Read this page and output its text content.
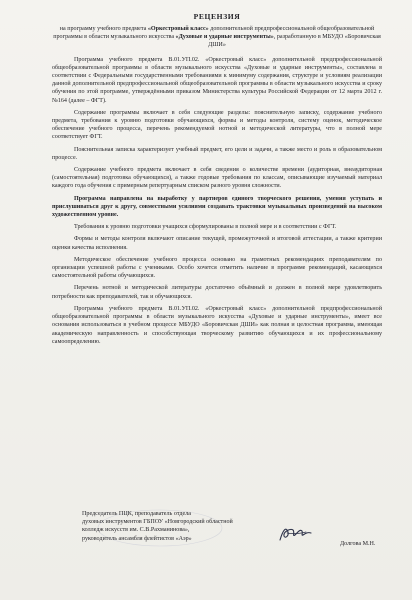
РЕЦЕНЗИЯ
на программу учебного предмета «Оркестровый класс» дополнительной предпрофессиональной общеобразовательной программы в области музыкального искусства «Духовые и ударные инструменты», разработанную в МБУДО «Боровичская ДШИ»

Программа учебного предмета В.01.УП.02. «Оркестровый класс» дополнительной предпрофессиональной общеобразовательной программы в области музыкального искусства «Духовые и ударные инструменты», составлена в соответствии с Федеральными государственными требованиями к минимуму содержания, структуре и условиям реализации данной дополнительной предпрофессиональной общеобразовательной программы в области музыкального искусства и сроку обучения по этой программе, утверждёнными приказом Министерства культуры Российской Федерации от 12 марта 2012 г. №164 (далее – ФГТ).

Содержание программы включает в себя следующие разделы: пояснительную записку, содержание учебного предмета, требования к уровню подготовки обучающихся, формы и методы контроля, систему оценок, методическое обеспечение учебного процесса, перечень рекомендуемой нотной и методической литературы, что в полной мере соответствует ФГТ.

Пояснительная записка характеризует учебный предмет, его цели и задачи, а также место и роль в образовательном процессе.

Содержание учебного предмета включает в себя сведения о количестве времени (аудиторная, внеаудиторная (самостоятельная) подготовка обучающихся), а также годовые требования по классам, описывающие изучаемый материал каждого года обучения с примерным репертуарным списком разного уровня сложности.

Программа направлена на выработку у партнеров единого творческого решения, умения уступать и прислушиваться друг к другу, совместными усилиями создавать трактовки музыкальных произведений на высоком художественном уровне.

Требования к уровню подготовки учащихся сформулированы в полной мере и в соответствии с ФГТ.

Формы и методы контроля включают описание текущей, промежуточной и итоговой аттестации, а также критерии оценки качества исполнения.

Методическое обеспечение учебного процесса основано на грамотных рекомендациях преподавателям по организации успешной работы с учениками. Особо хочется отметить наличие в программе рекомендаций, касающихся самостоятельной работы обучающихся.

Перечень нотной и методической литературы достаточно объёмный и должен в полной мере удовлетворить потребности как преподавателей, так и обучающихся.

Программа учебного предмета В.01.УП.02. «Оркестровый класс» дополнительной предпрофессиональной общеобразовательной программы в области музыкального искусства «Духовые и ударные инструменты», имеет все основания использоваться в учебном процессе МБУДО «Боровичская ДШИ» как полная и целостная программа, имеющая академическую направленность и способствующая творческому развитию обучающихся и их профессиональному самоопределению.

Председатель ПЦК, преподаватель отдела
духовых инструментов ГБПОУ «Новгородский областной
колледж искусств им. С.В.Рахманинова»,
руководитель ансамбля флейтистов «Аэр»
Долгова М.Н.
